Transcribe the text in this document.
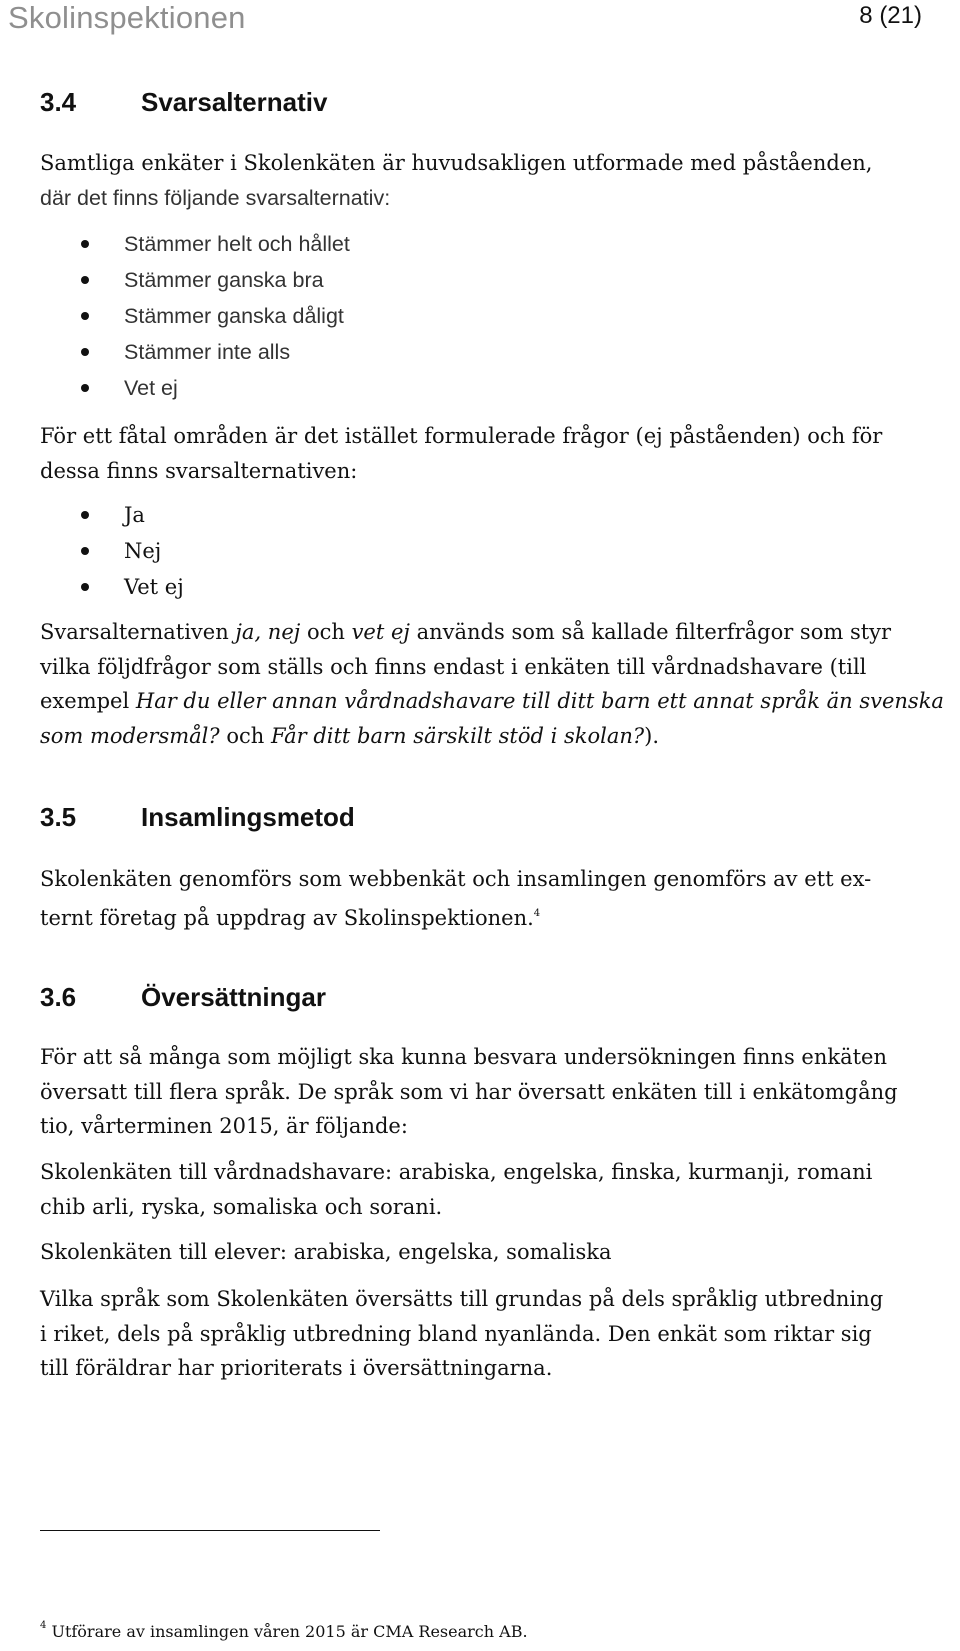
Skolinspektionen	8 (21)
3.4 Svarsalternativ
Samtliga enkäter i Skolenkäten är huvudsakligen utformade med påståenden,
där det finns följande svarsalternativ:
Stämmer helt och hållet
Stämmer ganska bra
Stämmer ganska dåligt
Stämmer inte alls
Vet ej
För ett fåtal områden är det istället formulerade frågor (ej påståenden) och för
dessa finns svarsalternativen:
Ja
Nej
Vet ej
Svarsalternativen ja, nej och vet ej används som så kallade filterfrågor som styr
vilka följdfrågor som ställs och finns endast i enkäten till vårdnadshavare (till
exempel Har du eller annan vårdnadshavare till ditt barn ett annat språk än svenska
som modersmål? och Får ditt barn särskilt stöd i skolan?).
3.5 Insamlingsmetod
Skolenkäten genomförs som webbenkät och insamlingen genomförs av ett ex-
ternt företag på uppdrag av Skolinspektionen.$^4$
3.6 Översättningar
För att så många som möjligt ska kunna besvara undersökningen finns enkäten
översatt till flera språk. De språk som vi har översatt enkäten till i enkätomgång
tio, vårterminen 2015, är följande:
Skolenkäten till vårdnadshavare: arabiska, engelska, finska, kurmanji, romani
chib arli, ryska, somaliska och sorani.
Skolenkäten till elever: arabiska, engelska, somaliska
Vilka språk som Skolenkäten översätts till grundas på dels språklig utbredning
i riket, dels på språklig utbredning bland nyanlända. Den enkät som riktar sig
till föräldrar har prioriterats i översättningarna.
$^4$ Utförare av insamlingen våren 2015 är CMA Research AB.
